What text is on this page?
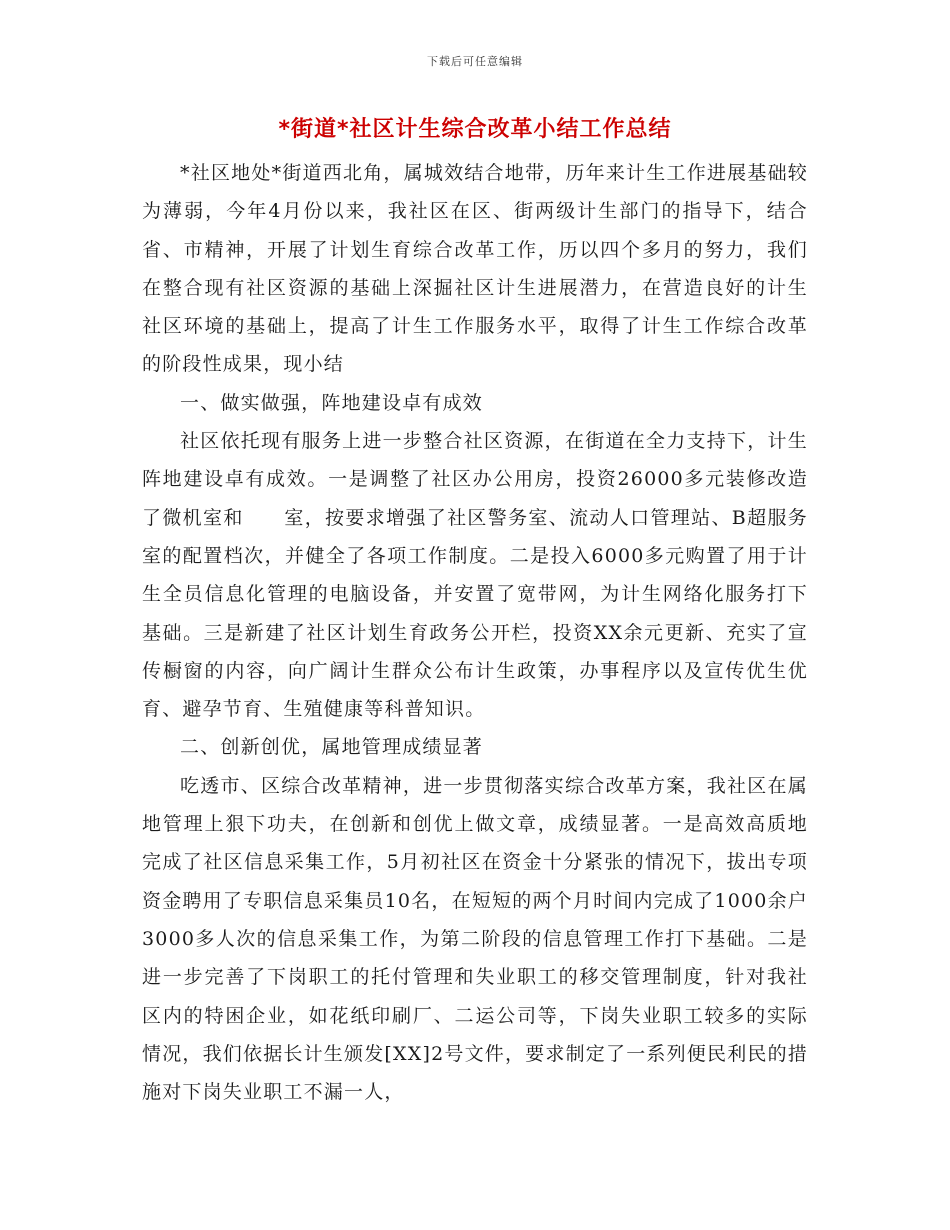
下载后可任意编辑
*街道*社区计生综合改革小结工作总结

*社区地处*街道西北角，属城效结合地带，历年来计生工作进展基础较为薄弱，今年4月份以来，我社区在区、街两级计生部门的指导下，结合省、市精神，开展了计划生育综合改革工作，历以四个多月的努力，我们在整合现有社区资源的基础上深掘社区计生进展潜力，在营造良好的计生社区环境的基础上，提高了计生工作服务水平，取得了计生工作综合改革的阶段性成果，现小结

一、做实做强，阵地建设卓有成效

社区依托现有服务上进一步整合社区资源，在街道在全力支持下，计生阵地建设卓有成效。一是调整了社区办公用房，投资26000多元装修改造了微机室和　　室，按要求增强了社区警务室、流动人口管理站、B超服务室的配置档次，并健全了各项工作制度。二是投入6000多元购置了用于计生全员信息化管理的电脑设备，并安置了宽带网，为计生网络化服务打下基础。三是新建了社区计划生育政务公开栏，投资XX余元更新、充实了宣传橱窗的内容，向广阔计生群众公布计生政策，办事程序以及宣传优生优育、避孕节育、生殖健康等科普知识。

二、创新创优，属地管理成绩显著

吃透市、区综合改革精神，进一步贯彻落实综合改革方案，我社区在属地管理上狠下功夫，在创新和创优上做文章，成绩显著。一是高效高质地完成了社区信息采集工作，5月初社区在资金十分紧张的情况下，拔出专项资金聘用了专职信息采集员10名，在短短的两个月时间内完成了1000余户3000多人次的信息采集工作，为第二阶段的信息管理工作打下基础。二是进一步完善了下岗职工的托付管理和失业职工的移交管理制度，针对我社区内的特困企业，如花纸印刷厂、二运公司等，下岗失业职工较多的实际情况，我们依据长计生颁发[XX]2号文件，要求制定了一系列便民利民的措施对下岗失业职工不漏一人，
